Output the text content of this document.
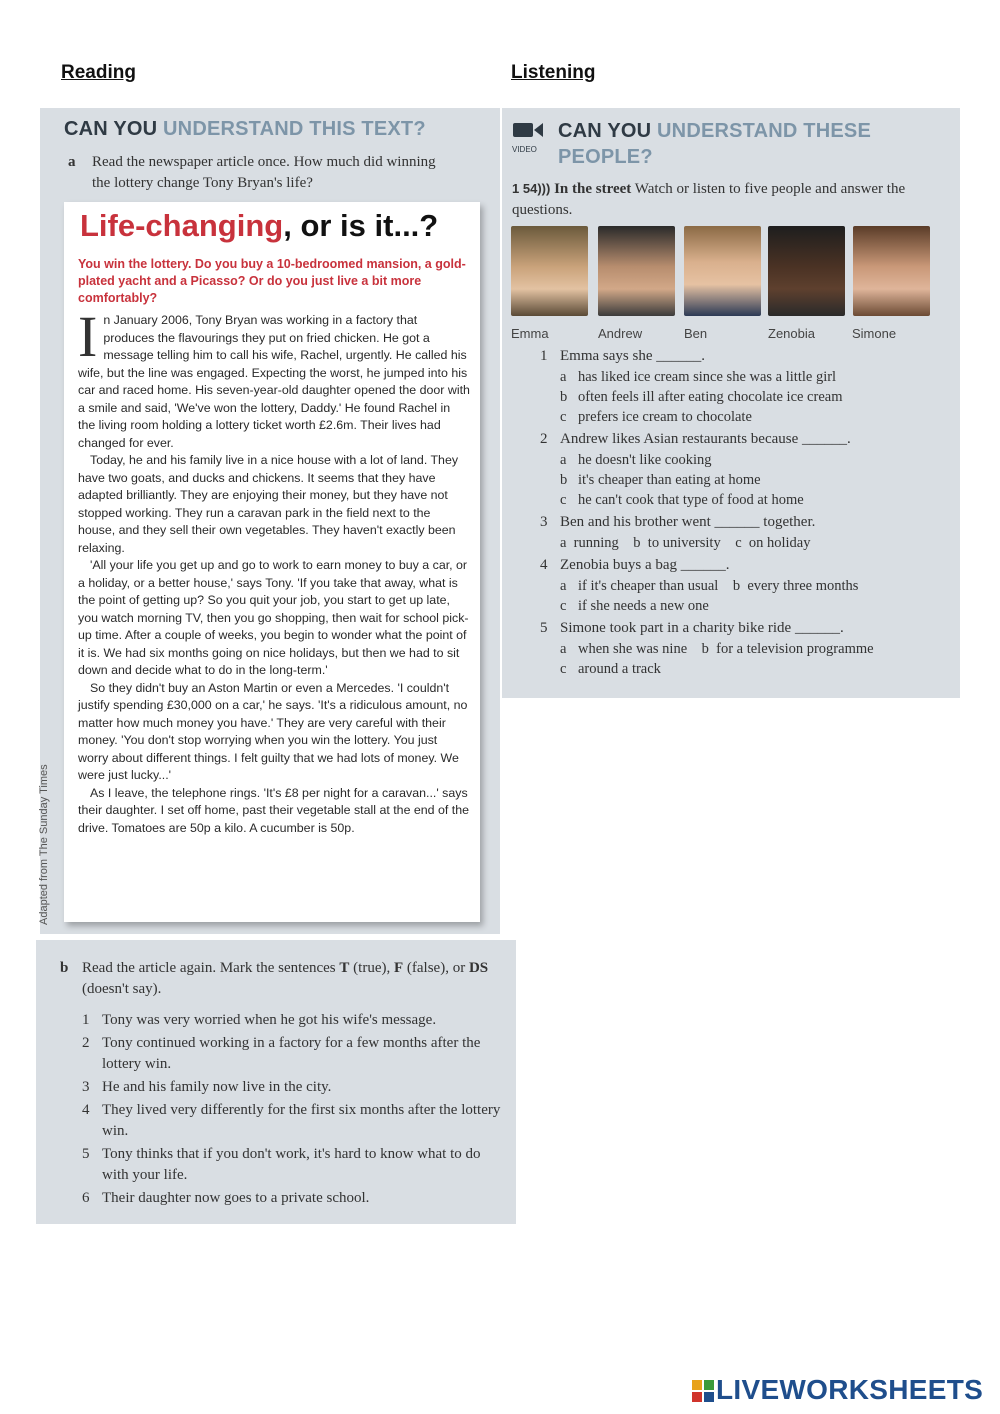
Reading	Listening
CAN YOU UNDERSTAND THIS TEXT?
a	Read the newspaper article once. How much did winning the lottery change Tony Bryan's life?
Life-changing, or is it...?
You win the lottery. Do you buy a 10-bedroomed mansion, a gold-plated yacht and a Picasso? Or do you just live a bit more comfortably?

In January 2006, Tony Bryan was working in a factory that produces the flavourings they put on fried chicken. He got a message telling him to call his wife, Rachel, urgently. He called his wife, but the line was engaged. Expecting the worst, he jumped into his car and raced home. His seven-year-old daughter opened the door with a smile and said, 'We've won the lottery, Daddy.' He found Rachel in the living room holding a lottery ticket worth £2.6m. Their lives had changed for ever.

Today, he and his family live in a nice house with a lot of land. They have two goats, and ducks and chickens. It seems that they have adapted brilliantly. They are enjoying their money, but they have not stopped working. They run a caravan park in the field next to the house, and they sell their own vegetables. They haven't exactly been relaxing.

'All your life you get up and go to work to earn money to buy a car, or a holiday, or a better house,' says Tony. 'If you take that away, what is the point of getting up? So you quit your job, you start to get up late, you watch morning TV, then you go shopping, then wait for school pick-up time. After a couple of weeks, you begin to wonder what the point of it is. We had six months going on nice holidays, but then we had to sit down and decide what to do in the long-term.'

So they didn't buy an Aston Martin or even a Mercedes. 'I couldn't justify spending £30,000 on a car,' he says. 'It's a ridiculous amount, no matter how much money you have.' They are very careful with their money. 'You don't stop worrying when you win the lottery. You just worry about different things. I felt guilty that we had lots of money. We were just lucky...'

As I leave, the telephone rings. 'It's £8 per night for a caravan...' says their daughter. I set off home, past their vegetable stall at the end of the drive. Tomatoes are 50p a kilo. A cucumber is 50p.

Adapted from The Sunday Times
b Read the article again. Mark the sentences T (true), F (false), or DS (doesn't say).
1 Tony was very worried when he got his wife's message.
2 Tony continued working in a factory for a few months after the lottery win.
3 He and his family now live in the city.
4 They lived very differently for the first six months after the lottery win.
5 Tony thinks that if you don't work, it's hard to know what to do with your life.
6 Their daughter now goes to a private school.
VIDEO
CAN YOU UNDERSTAND THESE PEOPLE?
1 54))) In the street Watch or listen to five people and answer the questions.
Emma	Andrew	Ben	Zenobia	Simone
1 Emma says she ______.
a has liked ice cream since she was a little girl
b often feels ill after eating chocolate ice cream
c prefers ice cream to chocolate
2 Andrew likes Asian restaurants because ______.
a he doesn't like cooking
b it's cheaper than eating at home
c he can't cook that type of food at home
3 Ben and his brother went ______ together.
a  running    b  to university    c  on holiday
4 Zenobia buys a bag ______.
a if it's cheaper than usual    b  every three months
c if she needs a new one
5 Simone took part in a charity bike ride ______.
a when she was nine    b  for a television programme
c around a track
LIVEWORKSHEETS
